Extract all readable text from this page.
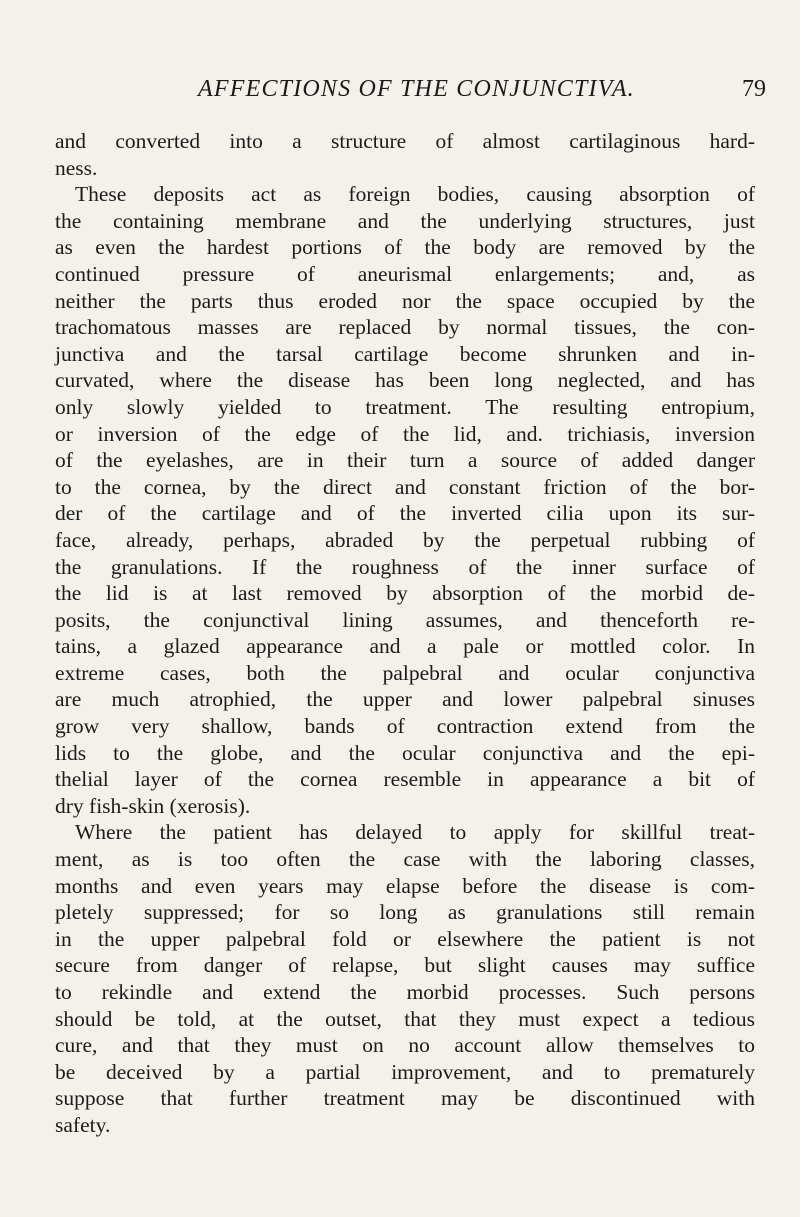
AFFECTIONS OF THE CONJUNCTIVA.	79
and converted into a structure of almost cartilaginous hard-
ness.
These deposits act as foreign bodies, causing absorption of
the containing membrane and the underlying structures, just
as even the hardest portions of the body are removed by the
continued pressure of aneurismal enlargements; and, as
neither the parts thus eroded nor the space occupied by the
trachomatous masses are replaced by normal tissues, the con-
junctiva and the tarsal cartilage become shrunken and in-
curvated, where the disease has been long neglected, and has
only slowly yielded to treatment. The resulting entropium,
or inversion of the edge of the lid, and. trichiasis, inversion
of the eyelashes, are in their turn a source of added danger
to the cornea, by the direct and constant friction of the bor-
der of the cartilage and of the inverted cilia upon its sur-
face, already, perhaps, abraded by the perpetual rubbing of
the granulations. If the roughness of the inner surface of
the lid is at last removed by absorption of the morbid de-
posits, the conjunctival lining assumes, and thenceforth re-
tains, a glazed appearance and a pale or mottled color. In
extreme cases, both the palpebral and ocular conjunctiva
are much atrophied, the upper and lower palpebral sinuses
grow very shallow, bands of contraction extend from the
lids to the globe, and the ocular conjunctiva and the epi-
thelial layer of the cornea resemble in appearance a bit of
dry fish-skin (xerosis).
Where the patient has delayed to apply for skillful treat-
ment, as is too often the case with the laboring classes,
months and even years may elapse before the disease is com-
pletely suppressed; for so long as granulations still remain
in the upper palpebral fold or elsewhere the patient is not
secure from danger of relapse, but slight causes may suffice
to rekindle and extend the morbid processes. Such persons
should be told, at the outset, that they must expect a tedious
cure, and that they must on no account allow themselves to
be deceived by a partial improvement, and to prematurely
suppose that further treatment may be discontinued with
safety.
